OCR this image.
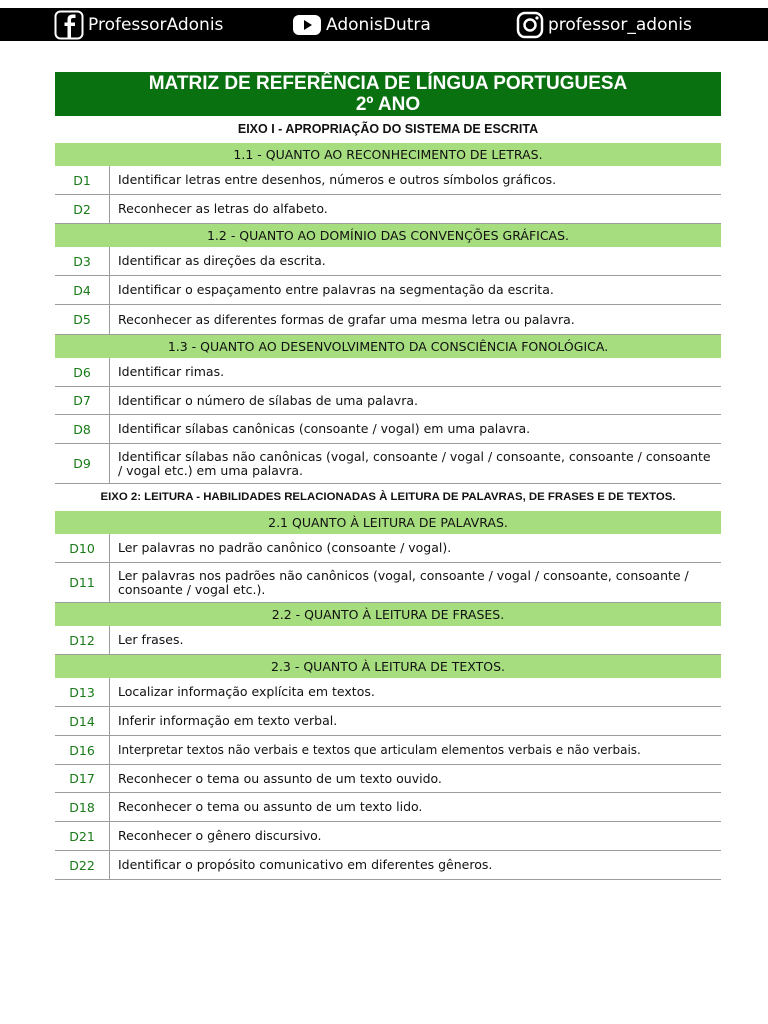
ProfessorAdonis	AdonisDutra	professor_adonis
MATRIZ DE REFERÊNCIA DE LÍNGUA PORTUGUESA
2º ANO
EIXO I - APROPRIAÇÃO DO SISTEMA DE ESCRITA
1.1 - QUANTO AO RECONHECIMENTO DE LETRAS.
D1	Identificar letras entre desenhos, números e outros símbolos gráficos.
D2	Reconhecer as letras do alfabeto.
1.2 - QUANTO AO DOMÍNIO DAS CONVENÇÕES GRÁFICAS.
D3	Identificar as direções da escrita.
D4	Identificar o espaçamento entre palavras na segmentação da escrita.
D5	Reconhecer as diferentes formas de grafar uma mesma letra ou palavra.
1.3 - QUANTO AO DESENVOLVIMENTO DA CONSCIÊNCIA FONOLÓGICA.
D6	Identificar rimas.
D7	Identificar o número de sílabas de uma palavra.
D8	Identificar sílabas canônicas (consoante / vogal) em uma palavra.
D9	Identificar sílabas não canônicas (vogal, consoante / vogal / consoante, consoante / consoante / vogal etc.) em uma palavra.
EIXO 2: LEITURA - HABILIDADES RELACIONADAS À LEITURA DE PALAVRAS, DE FRASES E DE TEXTOS.
2.1 QUANTO À LEITURA DE PALAVRAS.
D10	Ler palavras no padrão canônico (consoante / vogal).
D11	Ler palavras nos padrões não canônicos (vogal, consoante / vogal / consoante, consoante / consoante / vogal etc.).
2.2 - QUANTO À LEITURA DE FRASES.
D12	Ler frases.
2.3 - QUANTO À LEITURA DE TEXTOS.
D13	Localizar informação explícita em textos.
D14	Inferir informação em texto verbal.
D16	Interpretar textos não verbais e textos que articulam elementos verbais e não verbais.
D17	Reconhecer o tema ou assunto de um texto ouvido.
D18	Reconhecer o tema ou assunto de um texto lido.
D21	Reconhecer o gênero discursivo.
D22	Identificar o propósito comunicativo em diferentes gêneros.
